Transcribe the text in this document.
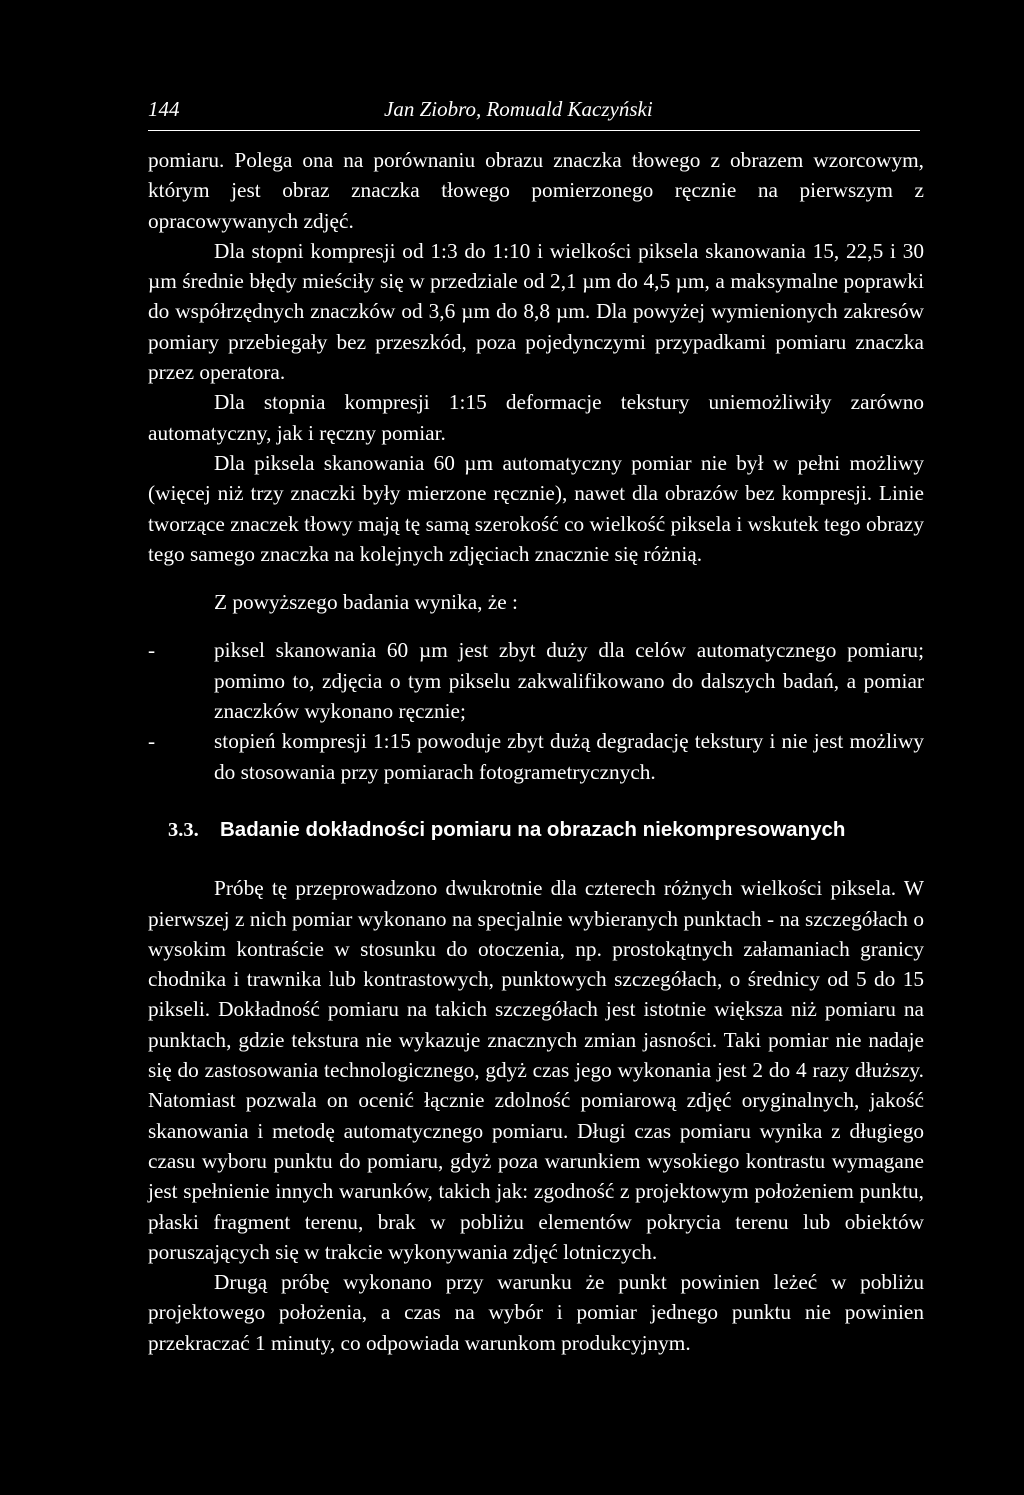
144	Jan Ziobro, Romuald Kaczyński

pomiaru. Polega ona na porównaniu obrazu znaczka tłowego z obrazem wzorcowym, którym jest obraz znaczka tłowego pomierzonego ręcznie na pierwszym z opracowywanych zdjęć.

Dla stopni kompresji od 1:3 do 1:10 i wielkości piksela skanowania 15, 22,5 i 30 µm średnie błędy mieściły się w przedziale od 2,1 µm do 4,5 µm, a maksymalne poprawki do współrzędnych znaczków od 3,6 µm do 8,8 µm. Dla powyżej wymienionych zakresów pomiary przebiegały bez przeszkód, poza pojedynczymi przypadkami pomiaru znaczka przez operatora.

Dla stopnia kompresji 1:15 deformacje tekstury uniemożliwiły zarówno automatyczny, jak i ręczny pomiar.

Dla piksela skanowania 60 µm automatyczny pomiar nie był w pełni możliwy (więcej niż trzy znaczki były mierzone ręcznie), nawet dla obrazów bez kompresji. Linie tworzące znaczek tłowy mają tę samą szerokość co wielkość piksela i wskutek tego obrazy tego samego znaczka na kolejnych zdjęciach znacznie się różnią.

Z powyższego badania wynika, że :

-	piksel skanowania 60 µm jest zbyt duży dla celów automatycznego pomiaru; pomimo to, zdjęcia o tym pikselu zakwalifikowano do dalszych badań, a pomiar znaczków wykonano ręcznie;
-	stopień kompresji 1:15 powoduje zbyt dużą degradację tekstury i nie jest możliwy do stosowania przy pomiarach fotogrametrycznych.

3.3. Badanie dokładności pomiaru na obrazach niekompresowanych

Próbę tę przeprowadzono dwukrotnie dla czterech różnych wielkości piksela. W pierwszej z nich pomiar wykonano na specjalnie wybieranych punktach - na szczegółach o wysokim kontraście w stosunku do otoczenia, np. prostokątnych załamaniach granicy chodnika i trawnika lub kontrastowych, punktowych szczegółach, o średnicy od 5 do 15 pikseli. Dokładność pomiaru na takich szczegółach jest istotnie większa niż pomiaru na punktach, gdzie tekstura nie wykazuje znacznych zmian jasności. Taki pomiar nie nadaje się do zastosowania technologicznego, gdyż czas jego wykonania jest 2 do 4 razy dłuższy. Natomiast pozwala on ocenić łącznie zdolność pomiarową zdjęć oryginalnych, jakość skanowania i metodę automatycznego pomiaru. Długi czas pomiaru wynika z długiego czasu wyboru punktu do pomiaru, gdyż poza warunkiem wysokiego kontrastu wymagane jest spełnienie innych warunków, takich jak: zgodność z projektowym położeniem punktu, płaski fragment terenu, brak w pobliżu elementów pokrycia terenu lub obiektów poruszających się w trakcie wykonywania zdjęć lotniczych.

Drugą próbę wykonano przy warunku że punkt powinien leżeć w pobliżu projektowego położenia, a czas na wybór i pomiar jednego punktu nie powinien przekraczać 1 minuty, co odpowiada warunkom produkcyjnym.
